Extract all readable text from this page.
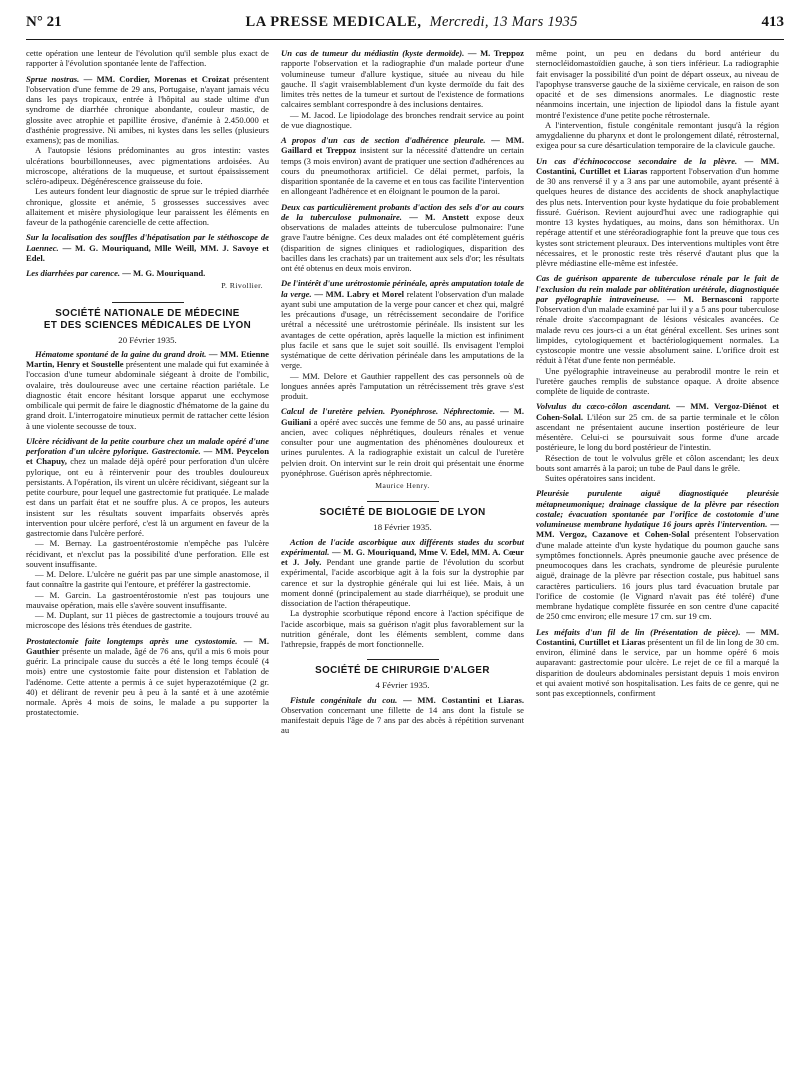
N° 21	LA PRESSE MEDICALE, Mercredi, 13 Mars 1935	413

cette opération une lenteur de l'évolution qu'il semble plus exact de rapporter à l'évolution spontanée lente de l'affection.

Sprue nostras. — MM. Cordier, Morenas et Croizat présentent l'observation d'une femme de 29 ans, Portugaise, n'ayant jamais vécu dans les pays tropicaux, entrée à l'hôpital au stade ultime d'un syndrome de diarrhée chronique abondante, couleur mastic, de glossite avec atrophie et papillite érosive, d'anémie à 2.450.000 et d'asthénie progressive. Ni amibes, ni kystes dans les selles (plusieurs examens); pas de monilias.

A l'autopsie lésions prédominantes au gros intestin: vastes ulcérations bourbillonneuses, avec pigmentations ardoisées. Au microscope, altérations de la muqueuse, et surtout épaississement scléro-adipeux. Dégénérescence graisseuse du foie.

Les auteurs fondent leur diagnostic de sprue sur le trépied diarrhée chronique, glossite et anémie, 5 grossesses successives avec allaitement et misère physiologique leur paraissent les éléments en faveur de la pathogénie carencielle de cette affection.

Sur la localisation des souffles d'hépatisation par le stéthoscope de Laennec. — M. G. Mouriquand, Mlle Weill, MM. J. Savoye et Edel.

Les diarrhées par carence. — M. G. Mouriquand.

P. Rivollier.
SOCIÉTÉ NATIONALE DE MÉDECINE
ET DES SCIENCES MÉDICALES DE LYON
20 Février 1935.

Hématome spontané de la gaine du grand droit. — MM. Etienne Martin, Henry et Soustelle présentent une malade qui fut examinée à l'occasion d'une tumeur abdominale siégeant à droite de l'ombilic, ovalaire, très douloureuse avec une certaine réaction pariétale. Le diagnostic était encore hésitant lorsque apparut une ecchymose ombilicale qui permit de faire le diagnostic d'hématome de la gaine du grand droit. L'interrogatoire minutieux permit de rattacher cette lésion à une violente secousse de toux.

Ulcère récidivant de la petite courbure chez un malade opéré d'une perforation d'un ulcère pylorique. Gastrectomie. — MM. Peycelon et Chapuy, chez un malade déjà opéré pour perforation d'un ulcère pylorique, ont eu à réintervenir pour des troubles douloureux persistants. A l'opération, ils virent un ulcère récidivant, siégeant sur la petite courbure, pour lequel une gastrectomie fut pratiquée. Le malade est dans un parfait état et ne souffre plus. A ce propos, les auteurs insistent sur les résultats souvent imparfaits observés après intervention pour ulcère perforé, c'est là un argument en faveur de la gastrectomie dans l'ulcère perforé.

— M. Bernay. La gastroentérostomie n'empêche pas l'ulcère récidivant, et n'exclut pas la possibilité d'une perforation. Elle est souvent insuffisante.

— M. Delore. L'ulcère ne guérit pas par une simple anastomose, il faut connaître la gastrite qui l'entoure, et préférer la gastrectomie.

— M. Garcin. La gastroentérostomie n'est pas toujours une mauvaise opération, mais elle s'avère souvent insuffisante.

— M. Duplant, sur 11 pièces de gastrectomie a toujours trouvé au microscope des lésions très étendues de gastrite.

Prostatectomie faite longtemps après une cystostomie. — M. Gauthier présente un malade, âgé de 76 ans, qu'il a mis 6 mois pour guérir. La principale cause du succès a été le long temps écoulé (4 mois) entre une cystostomie faite pour distension et l'ablation de l'adénome. Cette attente a permis à ce sujet hyperazotémique (2 gr. 40) et délirant de revenir peu à peu à la santé et à une azotémie normale. Après 4 mois de soins, le malade a pu supporter la prostatectomie.

Un cas de tumeur du médiastin (kyste dermoïde). — M. Treppoz rapporte l'observation et la radiographie d'un malade porteur d'une volumineuse tumeur d'allure kystique, située au niveau du hile gauche. Il s'agit vraisemblablement d'un kyste dermoïde du fait des limites très nettes de la tumeur et surtout de l'existence de formations calcaires semblant correspondre à des inclusions dentaires.

— M. Jacod. Le lipiodolage des bronches rendrait service au point de vue diagnostique.

A propos d'un cas de section d'adhérence pleurale. — MM. Gaillard et Treppoz insistent sur la nécessité d'attendre un certain temps (3 mois environ) avant de pratiquer une section d'adhérences au cours du pneumothorax artificiel. Ce délai permet, parfois, la disparition spontanée de la caverne et en tous cas facilite l'intervention en allongeant l'adhérence et en éloignant le poumon de la paroi.

Deux cas particulièrement probants d'action des sels d'or au cours de la tuberculose pulmonaire. — M. Anstett expose deux observations de malades atteints de tuberculose pulmonaire: l'une grave l'autre bénigne. Ces deux malades ont été complètement guéris (disparition de signes cliniques et radiologiques, disparition des bacilles dans les crachats) par un traitement aux sels d'or; les résultats ont été obtenus en deux mois environ.

De l'intérêt d'une urétrostomie périnéale, après amputation totale de la verge. — MM. Labry et Morel relatent l'observation d'un malade ayant subi une amputation de la verge pour cancer et chez qui, malgré les précautions d'usage, un rétrécissement secondaire de l'orifice urétral a nécessité une urétrostomie périnéale. Ils insistent sur les avantages de cette opération, après laquelle la miction est infiniment plus facile et sans que le sujet soit souillé. Ils envisagent l'emploi systématique de cette dérivation périnéale dans les amputations de la verge.

— MM. Delore et Gauthier rappellent des cas personnels où de longues années après l'amputation un rétrécissement très grave s'est produit.

Calcul de l'uretère pelvien. Pyonéphrose. Néphrectomie. — M. Guiliani a opéré avec succès une femme de 50 ans, au passé urinaire ancien, avec coliques néphrétiques, douleurs rénales et venue consulter pour une augmentation des phénomènes douloureux et urines purulentes. A la radiographie existait un calcul de l'uretère pelvien droit. On intervint sur le rein droit qui présentait une énorme pyonéphrose. Guérison après néphrectomie.

Maurice Henry.
SOCIÉTÉ DE BIOLOGIE DE LYON
18 Février 1935.

Action de l'acide ascorbique aux différents stades du scorbut expérimental. — M. G. Mouriquand, Mme V. Edel, MM. A. Cœur et J. Joly. Pendant une grande partie de l'évolution du scorbut expérimental, l'acide ascorbique agit à la fois sur la dystrophie par carence et sur la dystrophie générale qui lui est liée. Mais, à un moment donné (principalement au stade diarrhéique), se produit une dissociation de l'action thérapeutique.

La dystrophie scorbutique répond encore à l'action spécifique de l'acide ascorbique, mais sa guérison n'agit plus favorablement sur la nutrition générale, dont les éléments semblent, comme dans l'athrepsie, frappés de mort fonctionnelle.

SOCIÉTÉ DE CHIRURGIE D'ALGER
4 Février 1935.

Fistule congénitale du cou. — MM. Costantini et Liaras. Observation concernant une fillette de 14 ans dont la fistule se manifestait depuis l'âge de 7 ans par des abcès à répétition survenant au

même point, un peu en dedans du bord antérieur du sternocléidomastoïdien gauche, à son tiers inférieur. La radiographie fait envisager la possibilité d'un point de départ osseux, au niveau de l'apophyse transverse gauche de la sixième cervicale, en raison de son opacité et de ses dimensions anormales. Le diagnostic reste néanmoins incertain, une injection de lipiodol dans la fistule ayant montré l'existence d'une petite poche rétrosternale.

A l'intervention, fistule congénitale remontant jusqu'à la région amygdalienne du pharynx et dont le prolongement dilaté, rétrosternal, exigea pour sa cure désarticulation temporaire de la clavicule gauche.

Un cas d'échinococcose secondaire de la plèvre. — MM. Costantini, Curtillet et Liaras rapportent l'observation d'un homme de 30 ans renversé il y a 3 ans par une automobile, ayant présenté à quelques heures de distance des accidents de shock anaphylactique des plus nets. Intervention pour kyste hydatique du foie probablement fissuré. Guérison. Revient aujourd'hui avec une radiographie qui montre 13 kystes hydatiques, au moins, dans son hémithorax. Un repérage attentif et une stéréoradiographie font la preuve que tous ces kystes sont strictement pleuraux. Des interventions multiples vont être nécessaires, et le pronostic reste très réservé d'autant plus que la plèvre médiastine elle-même est infestée.

Cas de guérison apparente de tuberculose rénale par le fait de l'exclusion du rein malade par oblitération urétérale, diagnostiquée par pyélographie intraveineuse. — M. Bernasconi rapporte l'observation d'un malade examiné par lui il y a 5 ans pour tuberculose rénale droite s'accompagnant de lésions vésicales avancées. Ce malade revu ces jours-ci a un état général excellent. Ses urines sont limpides, cytologiquement et bactériologiquement normales. La cystoscopie montre une vessie absolument saine. L'orifice droit est réduit à l'état d'une fente non perméable.

Une pyélographie intraveineuse au perabrodil montre le rein et l'uretère gauches remplis de substance opaque. A droite absence complète de liquide de contraste.

Volvulus du cæco-côlon ascendant. — MM. Vergoz-Diénot et Cohen-Solal. L'iléon sur 25 cm. de sa partie terminale et le côlon ascendant ne présentaient aucune insertion postérieure de leur mésentère. Celui-ci se poursuivait sous forme d'une arcade postérieure, le long du bord postérieur de l'intestin.

Résection de tout le volvulus grêle et côlon ascendant; les deux bouts sont amarrés à la paroi; un tube de Paul dans le grêle.

Suites opératoires sans incident.

Pleurésie purulente aiguë diagnostiquée pleurésie métapneumonique; drainage classique de la plèvre par résection costale; évacuation spontanée par l'orifice de costotomie d'une volumineuse membrane hydatique 16 jours après l'intervention. — MM. Vergoz, Cazanove et Cohen-Solal présentent l'observation d'une malade atteinte d'un kyste hydatique du poumon gauche sans symptômes fonctionnels. Après pneumonie gauche avec présence de pneumocoques dans les crachats, syndrome de pleurésie purulente aiguë, drainage de la plèvre par résection costale, pus habituel sans caractères particuliers. 16 jours plus tard évacuation brutale par l'orifice de costomie (le Vignard n'avait pas été toléré) d'une membrane hydatique complète fissurée en son centre d'une capacité de 250 cmc environ; elle mesure 17 cm. sur 19 cm.

Les méfaits d'un fil de lin (Présentation de pièce). — MM. Costantini, Curtillet et Liaras présentent un fil de lin long de 30 cm. environ, éliminé dans le service, par un homme opéré 6 mois auparavant: gastrectomie pour ulcère. Le rejet de ce fil a marqué la disparition de douleurs abdominales persistant depuis 1 mois environ et qui avaient motivé son hospitalisation. Les faits de ce genre, qui ne sont pas exceptionnels, confirment
